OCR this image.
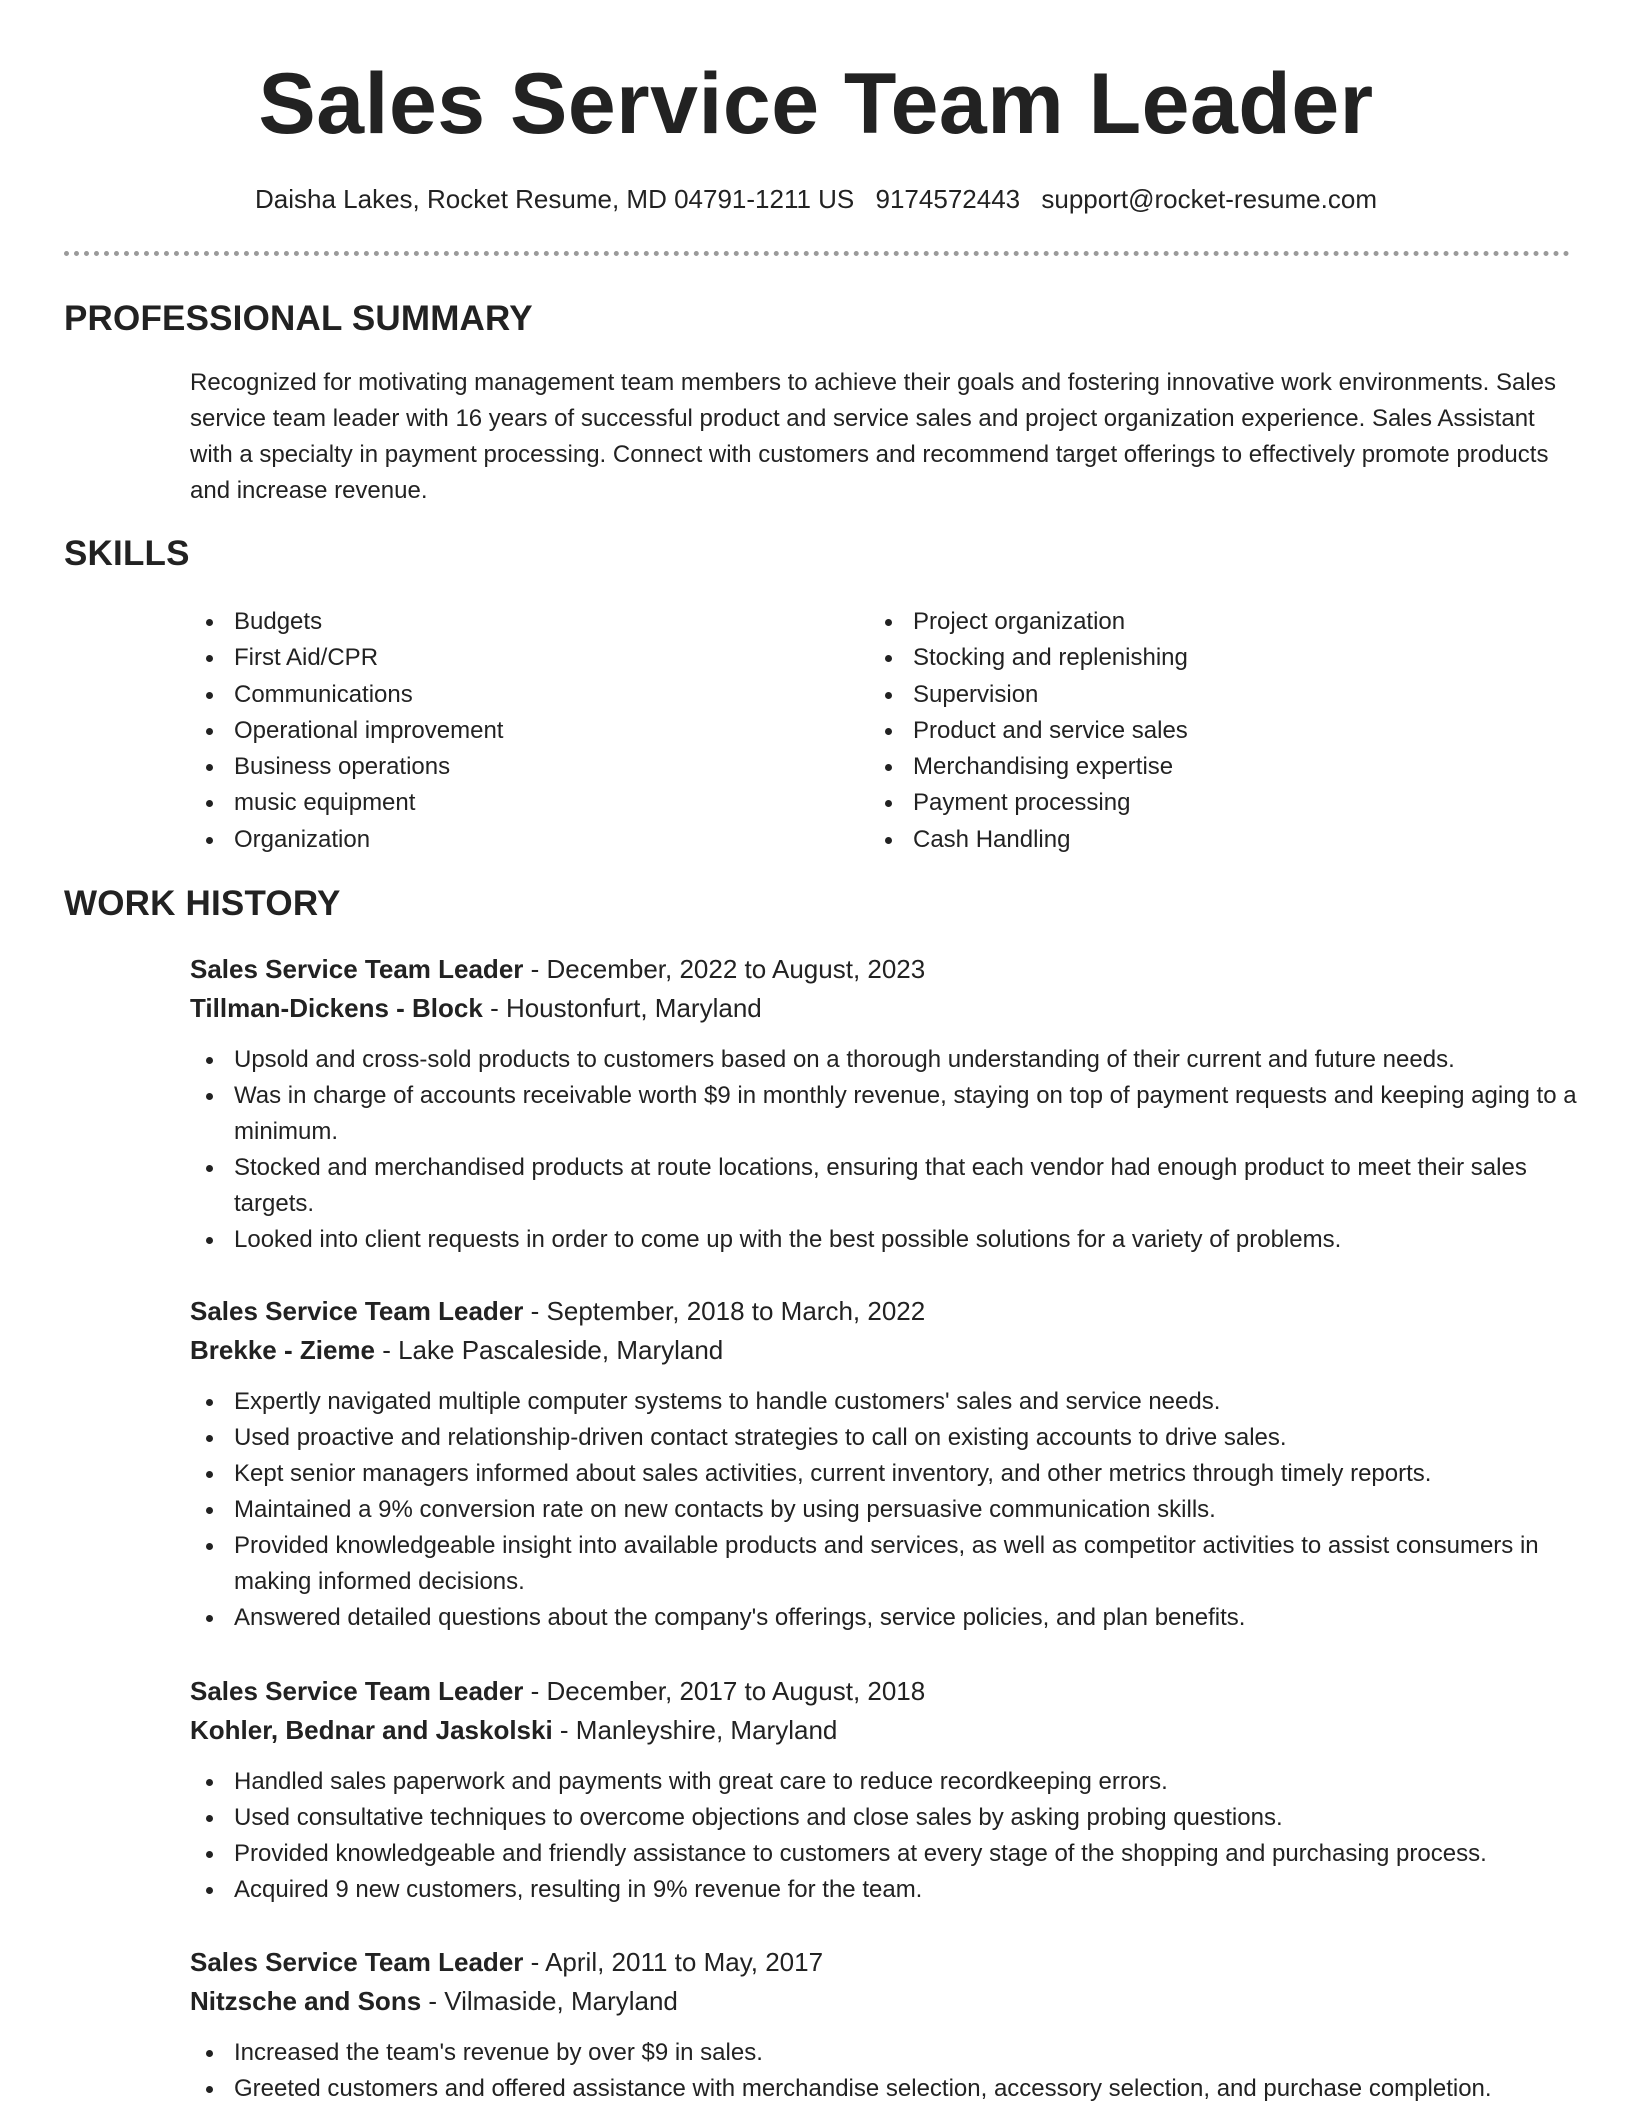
Sales Service Team Leader
Daisha Lakes, Rocket Resume, MD 04791-1211 US 9174572443 support@rocket-resume.com
PROFESSIONAL SUMMARY

Recognized for motivating management team members to achieve their goals and fostering innovative work environments. Sales service team leader with 16 years of successful product and service sales and project organization experience. Sales Assistant with a specialty in payment processing. Connect with customers and recommend target offerings to effectively promote products and increase revenue.

SKILLS
Budgets
First Aid/CPR
Communications
Operational improvement
Business operations
music equipment
Organization
Project organization
Stocking and replenishing
Supervision
Product and service sales
Merchandising expertise
Payment processing
Cash Handling
WORK HISTORY
Sales Service Team Leader - December, 2022 to August, 2023
Tillman-Dickens - Block - Houstonfurt, Maryland
Upsold and cross-sold products to customers based on a thorough understanding of their current and future needs.
Was in charge of accounts receivable worth $9 in monthly revenue, staying on top of payment requests and keeping aging to a minimum.
Stocked and merchandised products at route locations, ensuring that each vendor had enough product to meet their sales targets.
Looked into client requests in order to come up with the best possible solutions for a variety of problems.
Sales Service Team Leader - September, 2018 to March, 2022
Brekke - Zieme - Lake Pascaleside, Maryland
Expertly navigated multiple computer systems to handle customers' sales and service needs.
Used proactive and relationship-driven contact strategies to call on existing accounts to drive sales.
Kept senior managers informed about sales activities, current inventory, and other metrics through timely reports.
Maintained a 9% conversion rate on new contacts by using persuasive communication skills.
Provided knowledgeable insight into available products and services, as well as competitor activities to assist consumers in making informed decisions.
Answered detailed questions about the company's offerings, service policies, and plan benefits.
Sales Service Team Leader - December, 2017 to August, 2018
Kohler, Bednar and Jaskolski - Manleyshire, Maryland
Handled sales paperwork and payments with great care to reduce recordkeeping errors.
Used consultative techniques to overcome objections and close sales by asking probing questions.
Provided knowledgeable and friendly assistance to customers at every stage of the shopping and purchasing process.
Acquired 9 new customers, resulting in 9% revenue for the team.
Sales Service Team Leader - April, 2011 to May, 2017
Nitzsche and Sons - Vilmaside, Maryland
Increased the team's revenue by over $9 in sales.
Greeted customers and offered assistance with merchandise selection, accessory selection, and purchase completion.
